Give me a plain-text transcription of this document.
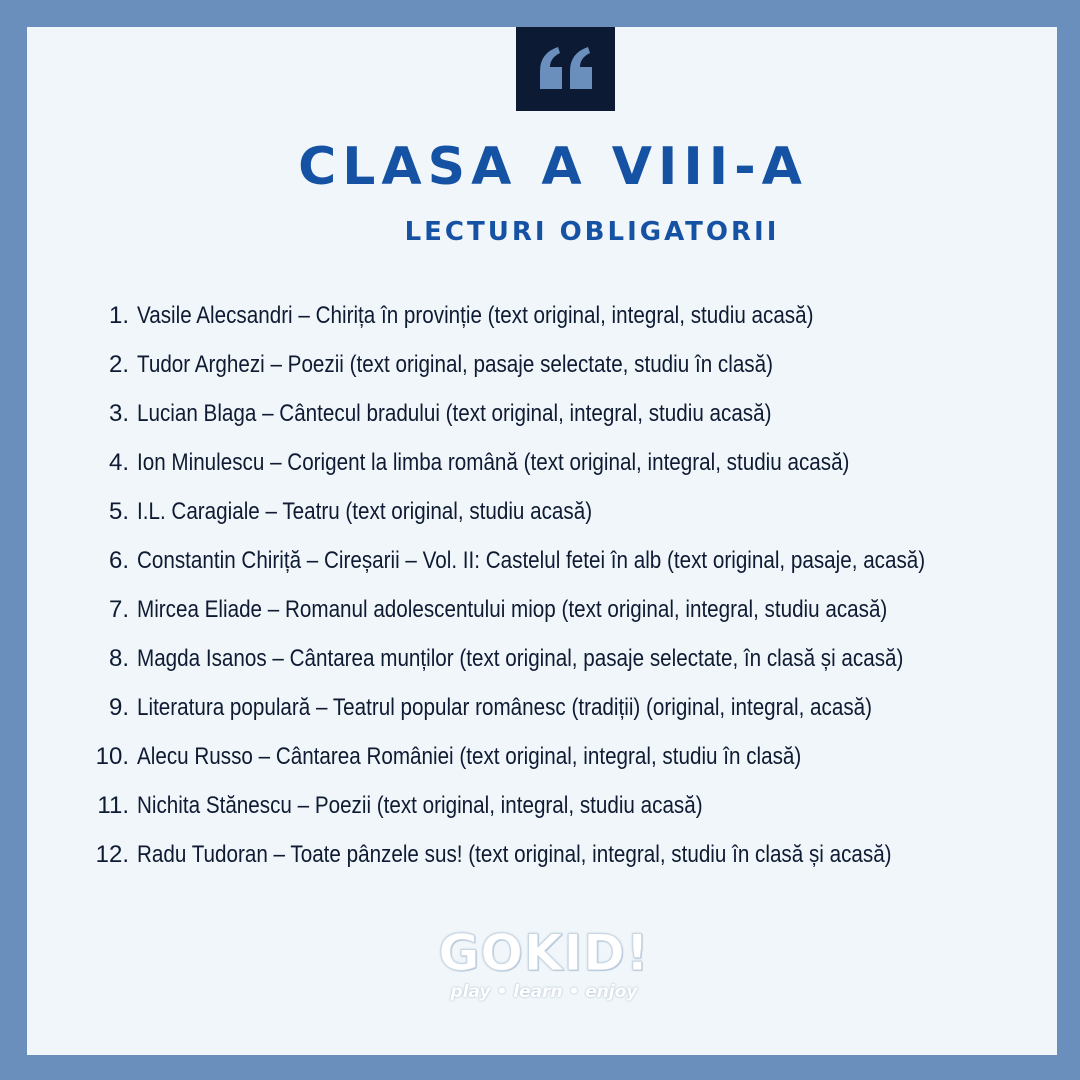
CLASA A VIII-A
LECTURI OBLIGATORII
1. Vasile Alecsandri – Chirița în provinție (text original, integral, studiu acasă)
2. Tudor Arghezi – Poezii (text original, pasaje selectate, studiu în clasă)
3. Lucian Blaga – Cântecul bradului (text original, integral, studiu acasă)
4. Ion Minulescu – Corigent la limba română (text original, integral, studiu acasă)
5. I.L. Caragiale – Teatru (text original, studiu acasă)
6. Constantin Chiriță – Cireșarii – Vol. II: Castelul fetei în alb (text original, pasaje, acasă)
7. Mircea Eliade – Romanul adolescentului miop (text original, integral, studiu acasă)
8. Magda Isanos – Cântarea munților (text original, pasaje selectate, în clasă și acasă)
9. Literatura populară – Teatrul popular românesc (tradiții) (original, integral, acasă)
10. Alecu Russo – Cântarea României (text original, integral, studiu în clasă)
11. Nichita Stănescu – Poezii (text original, integral, studiu acasă)
12. Radu Tudoran – Toate pânzele sus! (text original, integral, studiu în clasă și acasă)
GOKID!
play • learn • enjoy
